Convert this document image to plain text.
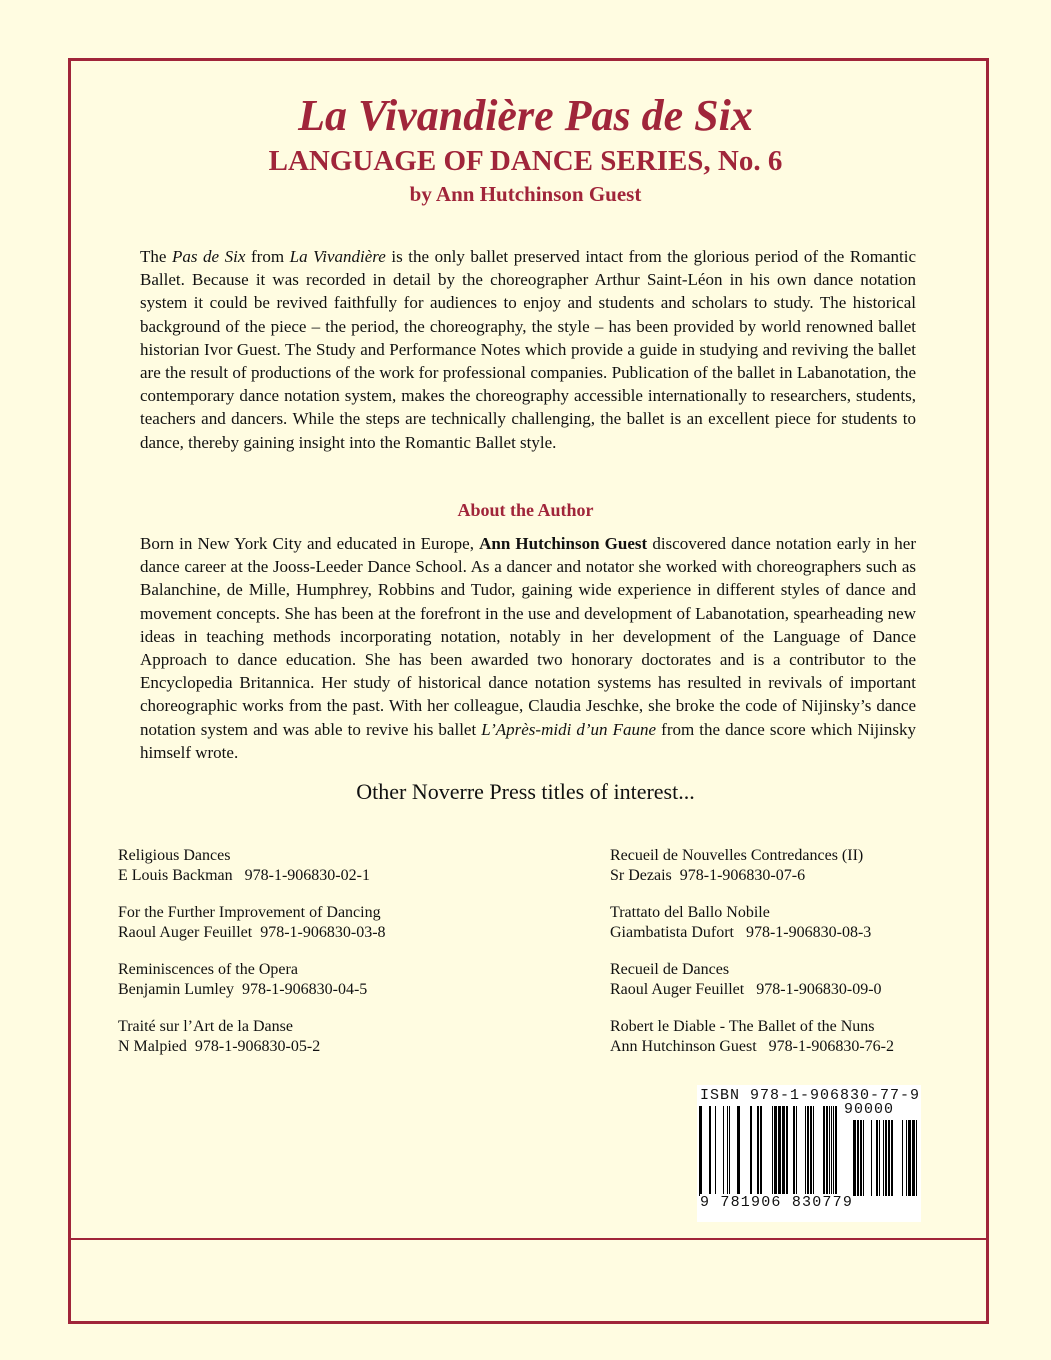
La Vivandière Pas de Six
LANGUAGE OF DANCE SERIES, No. 6
by Ann Hutchinson Guest
The Pas de Six from La Vivandière is the only ballet preserved intact from the glorious period of the Romantic Ballet. Because it was recorded in detail by the choreographer Arthur Saint-Léon in his own dance notation system it could be revived faithfully for audiences to enjoy and students and scholars to study. The historical background of the piece – the period, the choreography, the style – has been provided by world renowned ballet historian Ivor Guest. The Study and Performance Notes which provide a guide in studying and reviving the ballet are the result of productions of the work for professional companies. Publication of the ballet in Labanotation, the contemporary dance notation system, makes the choreography accessible internationally to researchers, students, teachers and dancers. While the steps are technically challenging, the ballet is an excellent piece for students to dance, thereby gaining insight into the Romantic Ballet style.
About the Author
Born in New York City and educated in Europe, Ann Hutchinson Guest discovered dance notation early in her dance career at the Jooss-Leeder Dance School. As a dancer and notator she worked with choreographers such as Balanchine, de Mille, Humphrey, Robbins and Tudor, gaining wide experience in different styles of dance and movement concepts. She has been at the forefront in the use and development of Labanotation, spearheading new ideas in teaching methods incorporating notation, notably in her development of the Language of Dance Approach to dance education. She has been awarded two honorary doctorates and is a contributor to the Encyclopedia Britannica. Her study of historical dance notation systems has resulted in revivals of important choreographic works from the past. With her colleague, Claudia Jeschke, she broke the code of Nijinsky’s dance notation system and was able to revive his ballet L’Après-midi d’un Faune from the dance score which Nijinsky himself wrote.
Other Noverre Press titles of interest...
Religious Dances
E Louis Backman   978-1-906830-02-1
For the Further Improvement of Dancing
Raoul Auger Feuillet  978-1-906830-03-8
Reminiscences of the Opera
Benjamin Lumley  978-1-906830-04-5
Traité sur l’Art de la Danse
N Malpied  978-1-906830-05-2
Recueil de Nouvelles Contredances (II)
Sr Dezais  978-1-906830-07-6
Trattato del Ballo Nobile
Giambatista Dufort   978-1-906830-08-3
Recueil de Dances
Raoul Auger Feuillet   978-1-906830-09-0
Robert le Diable - The Ballet of the Nuns
Ann Hutchinson Guest   978-1-906830-76-2
ISBN 978-1-906830-77-9
90000
9 781906 830779
